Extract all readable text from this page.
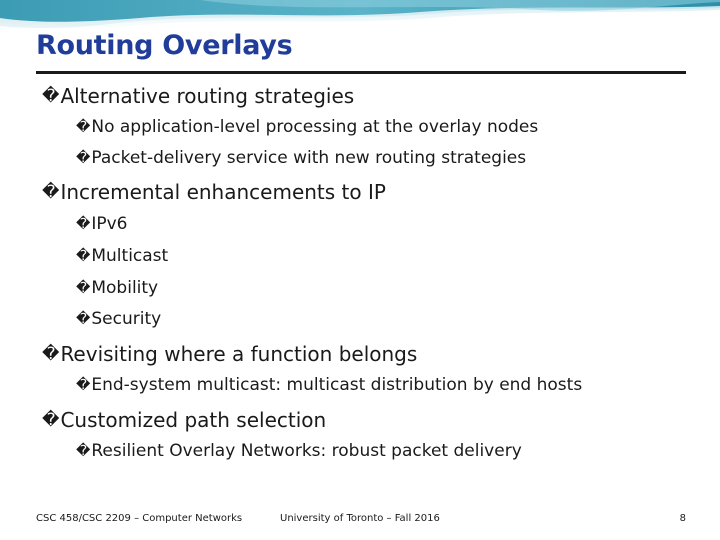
Routing Overlays
� Alternative routing strategies
� No application-level processing at the overlay nodes
� Packet-delivery service with new routing strategies
� Incremental enhancements to IP
� IPv6
� Multicast
� Mobility
� Security
� Revisiting where a function belongs
� End-system multicast: multicast distribution by end hosts
� Customized path selection
� Resilient Overlay Networks: robust packet delivery
CSC 458/CSC 2209 – Computer Networks	University of Toronto – Fall 2016	8
